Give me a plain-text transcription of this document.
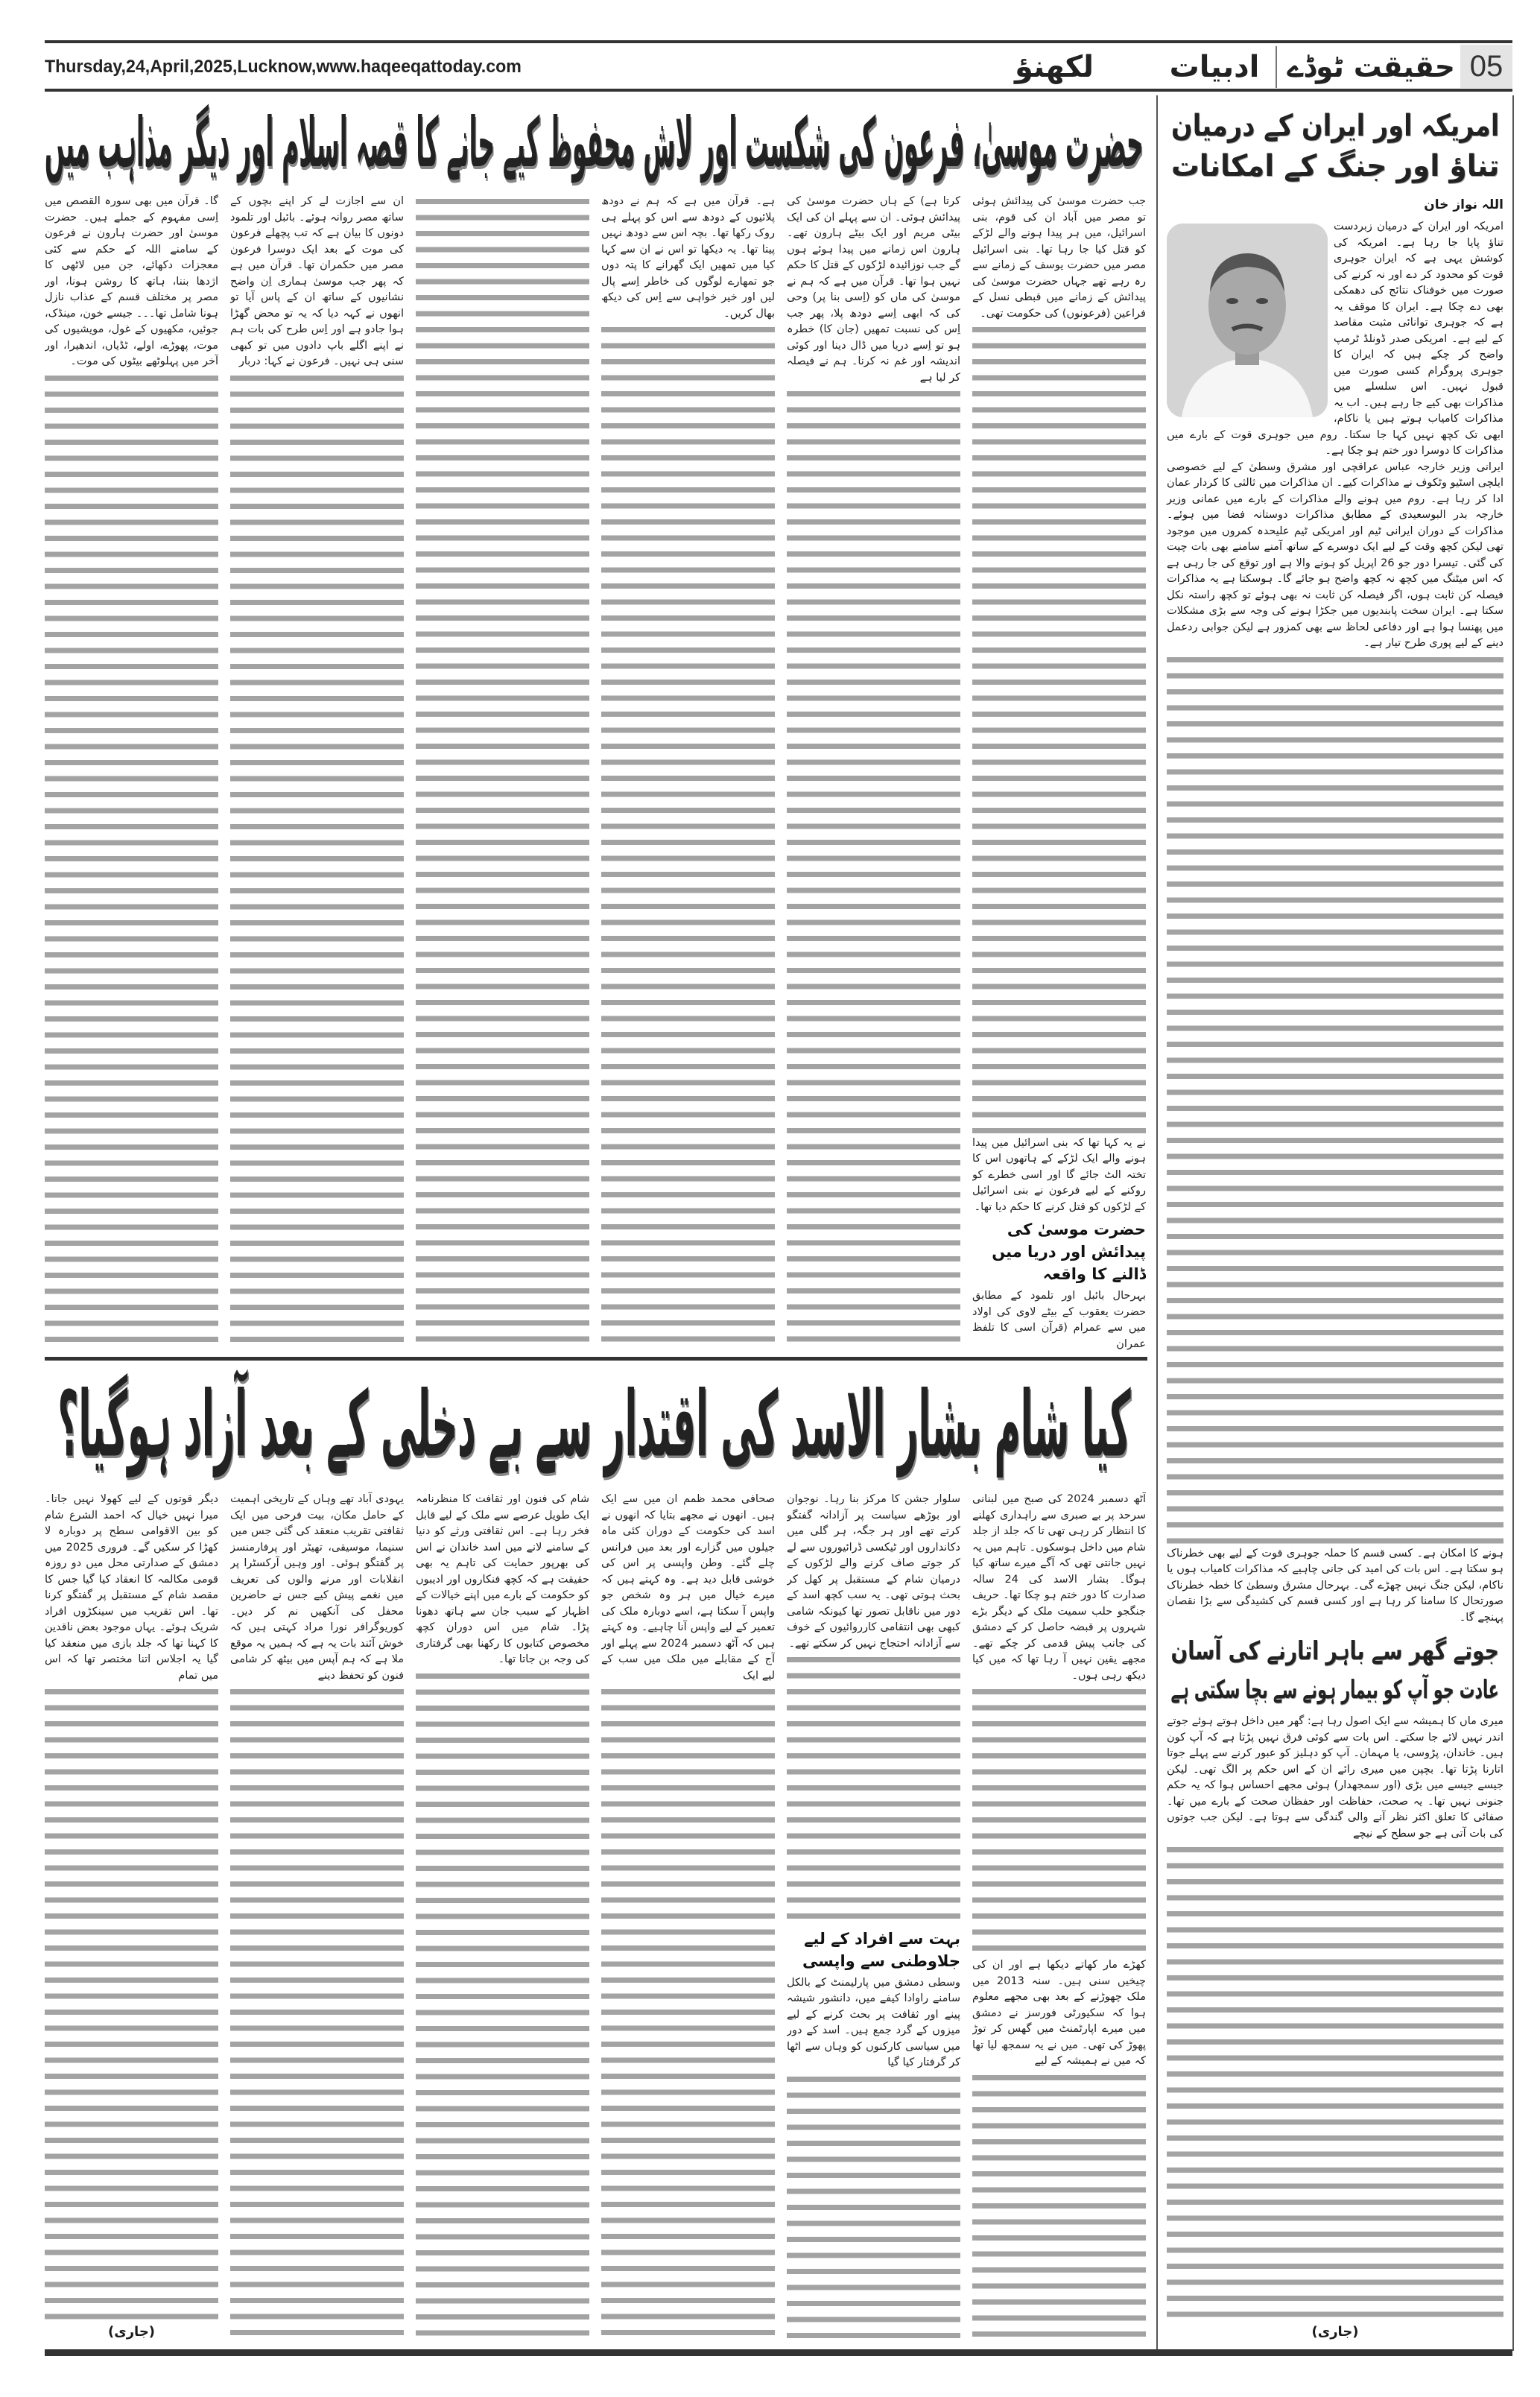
Thursday,24,April,2025,Lucknow,www.haqeeqattoday.com	لکھنؤ	ادبیات حقیقت ٹوڈے 05
حضرت موسیٰ، فرعون کی شکست اور لاش محفوظ کیے جانے کا قصہ اسلام اور دیگر مذاہب میں

جب حضرت موسیٰ کی پیدائش ہوئی تو مصر میں آباد ان کی قوم، بنی اسرائیل، میں ہر پیدا ہونے والے لڑکے کو قتل کیا جا رہا تھا۔ بنی اسرائیل مصر میں حضرت یوسف کے زمانے سے رہ رہے تھے جہاں حضرت موسیٰ کی پیدائش کے زمانے میں قبطی نسل کے فراعین (فرعونوں) کی حکومت تھی۔

نے یہ کہا تھا کہ بنی اسرائیل میں پیدا ہونے والے ایک لڑکے کے ہاتھوں اس کا تختہ الٹ جائے گا اور اسی خطرے کو روکنے کے لیے فرعون نے بنی اسرائیل کے لڑکوں کو قتل کرنے کا حکم دیا تھا۔

حضرت موسیٰ کی پیدائش اور دریا میں ڈالنے کا واقعہ

بہرحال بائبل اور تلمود کے مطابق حضرت یعقوب کے بیٹے لاوی کی اولاد میں سے عمرام (قرآن اسی کا تلفظ عمران

کرتا ہے) کے ہاں حضرت موسیٰ کی پیدائش ہوئی۔ ان سے پہلے ان کی ایک بیٹی مریم اور ایک بیٹے ہارون تھے۔ ہارون اس زمانے میں پیدا ہوئے ہوں گے جب نوزائیدہ لڑکوں کے قتل کا حکم نہیں ہوا تھا۔ قرآن میں ہے کہ ہم نے موسیٰ کی ماں کو (اِسی بنا پر) وحی کی کہ ابھی اِسے دودھ پلا، پھر جب اِس کی نسبت تمھیں (جان کا) خطرہ ہو تو اِسے دریا میں ڈال دینا اور کوئی اندیشہ اور غم نہ کرنا۔ ہم نے فیصلہ کر لیا ہے

ہے۔ قرآن میں ہے کہ ہم نے دودھ پلائیوں کے دودھ سے اس کو پہلے ہی روک رکھا تھا۔ بچہ اس سے دودھ نہیں پیتا تھا۔ یہ دیکھا تو اس نے ان سے کہا کیا میں تمھیں ایک گھرانے کا پتہ دوں جو تمھارے لوگوں کی خاطر اِسے پال لیں اور خیر خواہی سے اِس کی دیکھ بھال کریں۔

ان سے اجازت لے کر اپنے بچوں کے ساتھ مصر روانہ ہوئے۔ بائبل اور تلمود دونوں کا بیان ہے کہ تب پچھلے فرعون کی موت کے بعد ایک دوسرا فرعون مصر میں حکمران تھا۔ قرآن میں ہے کہ پھر جب موسیٰ ہماری اِن واضح نشانیوں کے ساتھ ان کے پاس آیا تو انھوں نے کہہ دیا کہ یہ تو محض گھڑا ہوا جادو ہے اور اِس طرح کی بات ہم نے اپنے اگلے باپ دادوں میں تو کبھی سنی ہی نہیں۔ فرعون نے کہا: دربار

گا۔ قرآن میں بھی سورہ القصص میں اِسی مفہوم کے جملے ہیں۔ حضرت موسیٰ اور حضرت ہارون نے فرعون کے سامنے اللہ کے حکم سے کئی معجزات دکھائے، جن میں لاٹھی کا اژدھا بننا، ہاتھ کا روشن ہونا، اور مصر پر مختلف قسم کے عذاب نازل ہونا شامل تھا۔۔۔ جیسے خون، مینڈک، جوئیں، مکھیوں کے غول، مویشیوں کی موت، پھوڑے، اولے، ٹڈیاں، اندھیرا، اور آخر میں پہلوٹھے بیٹوں کی موت۔

کیا شام بشار الاسد کی اقتدار سے بے دخلی کے بعد آزاد ہوگیا؟

آٹھ دسمبر 2024 کی صبح میں لبنانی سرحد پر بے صبری سے راہداری کھلنے کا انتظار کر رہی تھی تا کہ جلد از جلد شام میں داخل ہوسکوں۔ تاہم میں یہ نہیں جانتی تھی کہ آگے میرے ساتھ کیا ہوگا۔ بشار الاسد کی 24 سالہ صدارت کا دور ختم ہو چکا تھا۔ حریف جنگجو حلب سمیت ملک کے دیگر بڑے شہروں پر قبضہ حاصل کر کے دمشق کی جانب پیش قدمی کر چکے تھے۔ مجھے یقین نہیں آ رہا تھا کہ میں کیا دیکھ رہی ہوں۔

کھڑے مار کھاتے دیکھا ہے اور ان کی چیخیں سنی ہیں۔ سنہ 2013 میں ملک چھوڑنے کے بعد بھی مجھے معلوم ہوا کہ سکیورٹی فورسز نے دمشق میں میرے اپارٹمنٹ میں گھس کر توڑ پھوڑ کی تھی۔ میں نے یہ سمجھ لیا تھا کہ میں نے ہمیشہ کے لیے

سلوار جشن کا مرکز بنا رہا۔ نوجوان اور بوڑھے سیاست پر آزادانہ گفتگو کرتے تھے اور ہر جگہ، ہر گلی میں دکانداروں اور ٹیکسی ڈرائیوروں سے لے کر جوتے صاف کرنے والے لڑکوں کے درمیان شام کے مستقبل پر کھل کر بحث ہوتی تھی۔ یہ سب کچھ اسد کے دور میں ناقابل تصور تھا کیونکہ شامی کبھی بھی انتقامی کارروائیوں کے خوف سے آزادانہ احتجاج نہیں کر سکتے تھے۔

بہت سے افراد کے لیے جلاوطنی سے واپسی

وسطی دمشق میں پارلیمنٹ کے بالکل سامنے راوادا کیفے میں، دانشور شیشہ پینے اور ثقافت پر بحث کرنے کے لیے میزوں کے گرد جمع ہیں۔ اسد کے دور میں سیاسی کارکنوں کو وہاں سے اٹھا کر گرفتار کیا گیا

صحافی محمد ظمم ان میں سے ایک ہیں۔ انھوں نے مجھے بتایا کہ انھوں نے اسد کی حکومت کے دوران کئی ماہ جیلوں میں گزارے اور بعد میں فرانس چلے گئے۔ وطن واپسی پر اس کی خوشی قابل دید ہے۔ وہ کہتے ہیں کہ میرے خیال میں ہر وہ شخص جو واپس آ سکتا ہے، اسے دوبارہ ملک کی تعمیر کے لیے واپس آنا چاہیے۔ وہ کہتے ہیں کہ آٹھ دسمبر 2024 سے پہلے اور آج کے مقابلے میں ملک میں سب کے لیے ایک

شام کی فنون اور ثقافت کا منظرنامہ ایک طویل عرصے سے ملک کے لیے قابل فخر رہا ہے۔ اس ثقافتی ورثے کو دنیا کے سامنے لانے میں اسد خاندان نے اس کی بھرپور حمایت کی تاہم یہ بھی حقیقت ہے کہ کچھ فنکاروں اور ادیبوں کو حکومت کے بارے میں اپنے خیالات کے اظہار کے سبب جان سے ہاتھ دھونا پڑا۔ شام میں اس دوران کچھ مخصوص کتابوں کا رکھنا بھی گرفتاری کی وجہ بن جاتا تھا۔

یہودی آباد تھے وہاں کے تاریخی اہمیت کے حامل مکان، بیت فرحی میں ایک ثقافتی تقریب منعقد کی گئی جس میں سنیما، موسیقی، تھیٹر اور پرفارمنسز پر گفتگو ہوئی۔ اور وہیں آرکسٹرا پر انقلابات اور مرنے والوں کی تعریف میں نغمے پیش کیے جس نے حاضرین محفل کی آنکھیں نم کر دیں۔ کوریوگرافر نورا مراد کہتی ہیں کہ خوش آئند بات یہ ہے کہ ہمیں یہ موقع ملا ہے کہ ہم آپس میں بیٹھ کر شامی فنون کو تحفظ دینے

دیگر قوتوں کے لیے کھولا نہیں جاتا۔ میرا نہیں خیال کہ احمد الشرع شام کو بین الاقوامی سطح پر دوبارہ لا کھڑا کر سکیں گے۔ فروری 2025 میں دمشق کے صدارتی محل میں دو روزہ قومی مکالمہ کا انعقاد کیا گیا جس کا مقصد شام کے مستقبل پر گفتگو کرنا تھا۔ اس تقریب میں سینکڑوں افراد شریک ہوئے۔ یہاں موجود بعض ناقدین کا کہنا تھا کہ جلد بازی میں منعقد کیا گیا یہ اجلاس اتنا مختصر تھا کہ اس میں تمام

(جاری)
امریکہ اور ایران کے درمیان
تناؤ اور جنگ کے امکانات
اللہ نواز خان

امریکہ اور ایران کے درمیان زبردست تناؤ پایا جا رہا ہے۔ امریکہ کی کوشش یہی ہے کہ ایران جوہری قوت کو محدود کر دے اور نہ کرنے کی صورت میں خوفناک نتائج کی دھمکی بھی دے چکا ہے۔ ایران کا موقف یہ ہے کہ جوہری توانائی مثبت مقاصد کے لیے ہے۔ امریکی صدر ڈونلڈ ٹرمپ واضح کر چکے ہیں کہ ایران کا جوہری پروگرام کسی صورت میں قبول نہیں۔ اس سلسلے میں مذاکرات بھی کیے جا رہے ہیں۔ اب یہ مذاکرات کامیاب ہوتے ہیں یا ناکام، ابھی تک کچھ نہیں کہا جا سکتا۔ روم میں جوہری قوت کے بارے میں مذاکرات کا دوسرا دور ختم ہو چکا ہے۔

ایرانی وزیر خارجہ عباس عراقچی اور مشرق وسطیٰ کے لیے خصوصی ایلچی اسٹیو وٹکوف نے مذاکرات کیے۔ ان مذاکرات میں ثالثی کا کردار عمان ادا کر رہا ہے۔ روم میں ہونے والے مذاکرات کے بارے میں عمانی وزیر خارجہ بدر البوسعیدی کے مطابق مذاکرات دوستانہ فضا میں ہوئے۔ مذاکرات کے دوران ایرانی ٹیم اور امریکی ٹیم علیحدہ کمروں میں موجود تھی لیکن کچھ وقت کے لیے ایک دوسرے کے ساتھ آمنے سامنے بھی بات چیت کی گئی۔ تیسرا دور جو 26 اپریل کو ہونے والا ہے اور توقع کی جا رہی ہے کہ اس میٹنگ میں کچھ نہ کچھ واضح ہو جائے گا۔ ہوسکتا ہے یہ مذاکرات فیصلہ کن ثابت ہوں، اگر فیصلہ کن ثابت نہ بھی ہوئے تو کچھ راستہ نکل سکتا ہے۔ ایران سخت پابندیوں میں جکڑا ہونے کی وجہ سے بڑی مشکلات میں پھنسا ہوا ہے اور دفاعی لحاظ سے بھی کمزور ہے لیکن جوابی ردعمل دینے کے لیے پوری طرح تیار ہے۔

ہونے کا امکان ہے۔ کسی قسم کا حملہ جوہری قوت کے لیے بھی خطرناک ہو سکتا ہے۔ اس بات کی امید کی جانی چاہیے کہ مذاکرات کامیاب ہوں یا ناکام، لیکن جنگ نہیں چھڑے گی۔ بہرحال مشرق وسطیٰ کا خطہ خطرناک صورتحال کا سامنا کر رہا ہے اور کسی قسم کی کشیدگی سے بڑا نقصان پہنچے گا۔

جوتے گھر سے باہر اتارنے کی آسان
عادت جو آپ کو بیمار ہونے سے بچا سکتی ہے

میری ماں کا ہمیشہ سے ایک اصول رہا ہے: گھر میں داخل ہوتے ہوئے جوتے اندر نہیں لائے جا سکتے۔ اس بات سے کوئی فرق نہیں پڑتا ہے کہ آپ کون ہیں۔ خاندان، پڑوسی، یا مہمان۔ آپ کو دہلیز کو عبور کرنے سے پہلے جوتا اتارنا پڑتا تھا۔ بچپن میں میری رائے ان کے اس حکم پر الگ تھی۔ لیکن جیسے جیسے میں بڑی (اور سمجھدار) ہوئی مجھے احساس ہوا کہ یہ حکم جنونی نہیں تھا۔ یہ صحت، حفاظت اور حفظان صحت کے بارے میں تھا۔ صفائی کا تعلق اکثر نظر آنے والی گندگی سے ہوتا ہے۔ لیکن جب جوتوں کی بات آتی ہے جو سطح کے نیچے

(جاری)
